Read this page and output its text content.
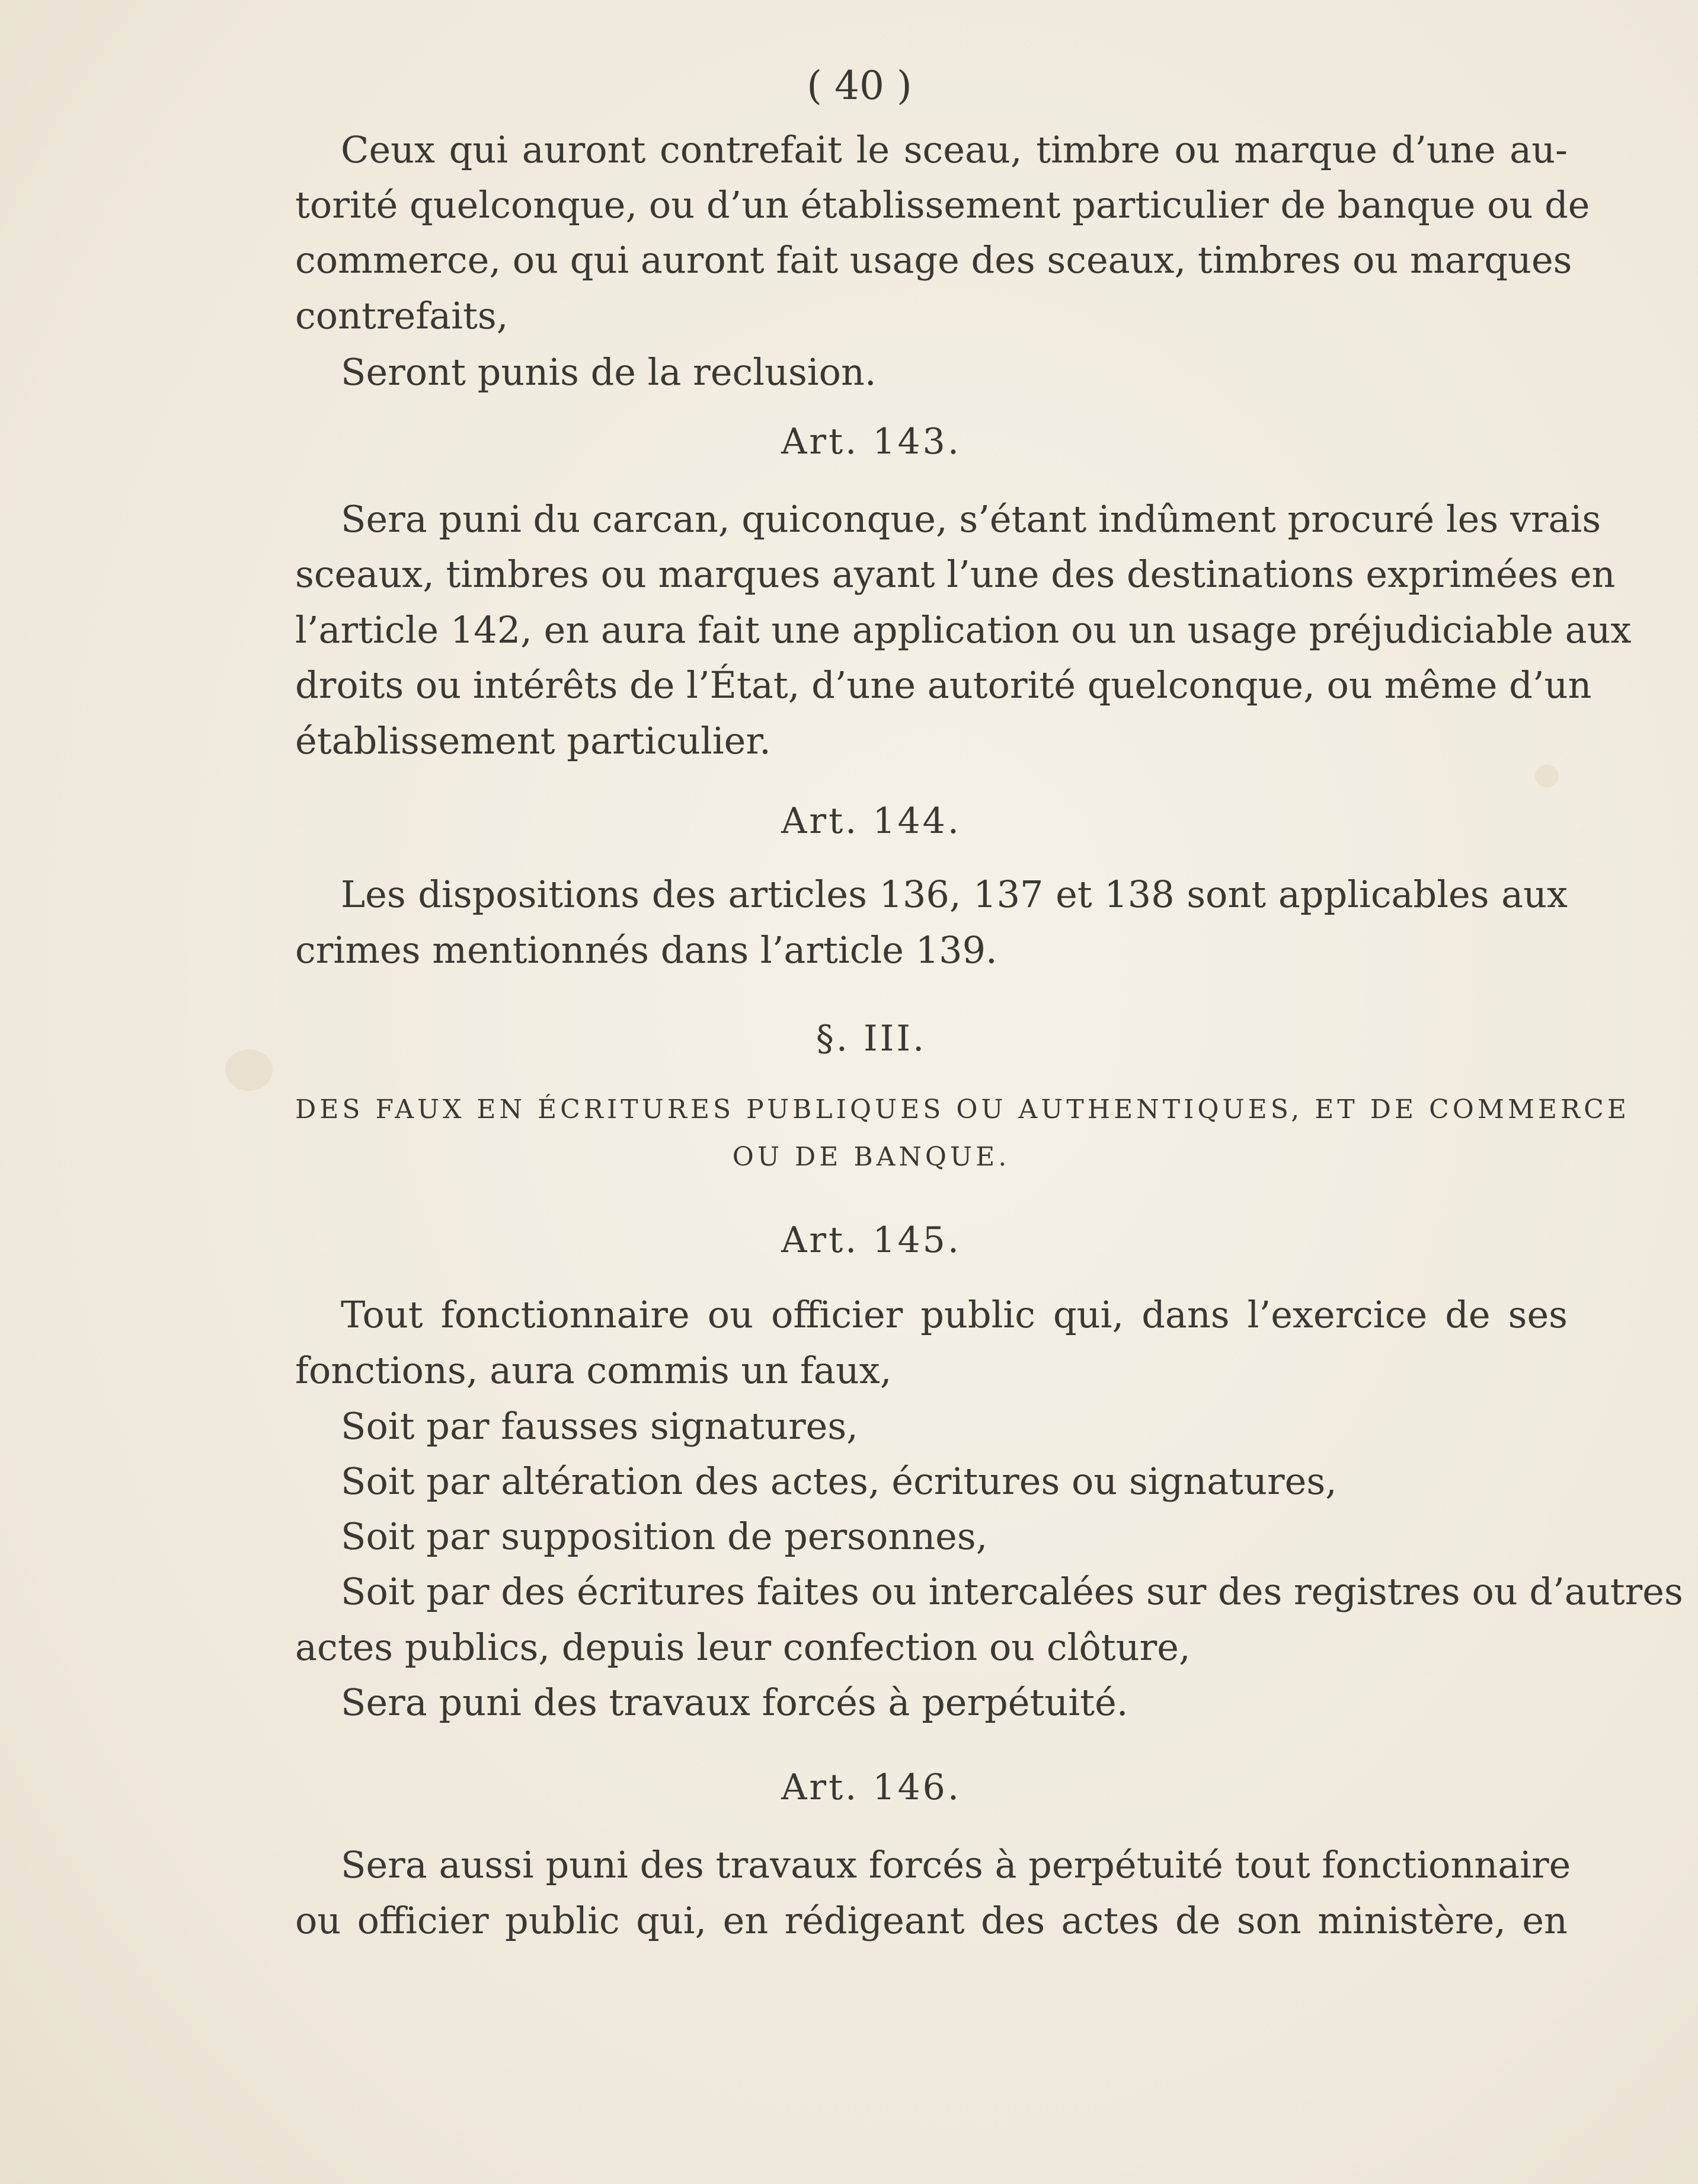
( 40 )
Ceux qui auront contrefait le sceau, timbre ou marque d’une au-
torité quelconque, ou d’un établissement particulier de banque ou de
commerce, ou qui auront fait usage des sceaux, timbres ou marques
contrefaits,
Seront punis de la reclusion.
Art. 143.
Sera puni du carcan, quiconque, s’étant indûment procuré les vrais
sceaux, timbres ou marques ayant l’une des destinations exprimées en
l’article 142, en aura fait une application ou un usage préjudiciable aux
droits ou intérêts de l’État, d’une autorité quelconque, ou même d’un
établissement particulier.
Art. 144.
Les dispositions des articles 136, 137 et 138 sont applicables aux
crimes mentionnés dans l’article 139.
§. III.
DES FAUX EN ÉCRITURES PUBLIQUES OU AUTHENTIQUES, ET DE COMMERCE
OU DE BANQUE.
Art. 145.
Tout fonctionnaire ou officier public qui, dans l’exercice de ses
fonctions, aura commis un faux,
Soit par fausses signatures,
Soit par altération des actes, écritures ou signatures,
Soit par supposition de personnes,
Soit par des écritures faites ou intercalées sur des registres ou d’autres
actes publics, depuis leur confection ou clôture,
Sera puni des travaux forcés à perpétuité.
Art. 146.
Sera aussi puni des travaux forcés à perpétuité tout fonctionnaire
ou officier public qui, en rédigeant des actes de son ministère, en
